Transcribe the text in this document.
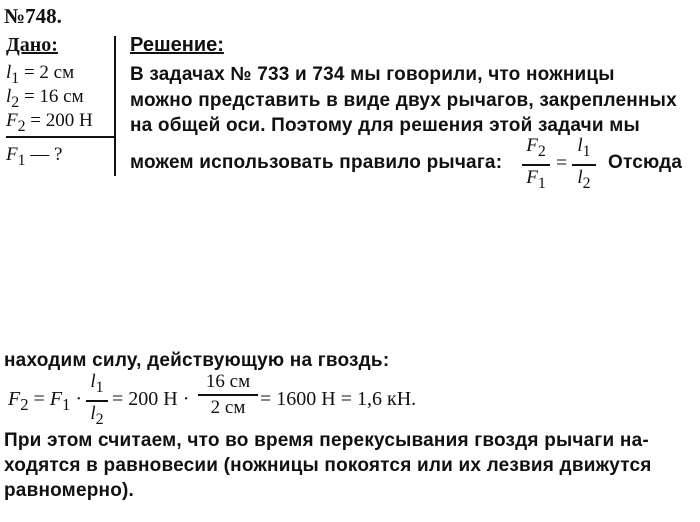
№748.
Дано:
$l_1 = 2$ см
$l_2 = 16$ см
$F_2 = 200$ Н
$F_1$ — ?
Решение:
В задачах № 733 и 734 мы говорили, что ножницы
можно представить в виде двух рычагов, закрепленных
на общей оси. Поэтому для решения этой задачи мы
можем использовать правило рычага:
$F_2$
$F_1$
=
$l_1$
$l_2$
Отсюда
находим силу, действующую на гвоздь:
$F_2 = F_1$ ·
$l_1$
$l_2$
= 200 Н ·
16 см
2 см = 1600 Н = 1,6 кН.
При этом считаем, что во время перекусывания гвоздя рычаги на-
ходятся в равновесии (ножницы покоятся или их лезвия движутся
равномерно).
